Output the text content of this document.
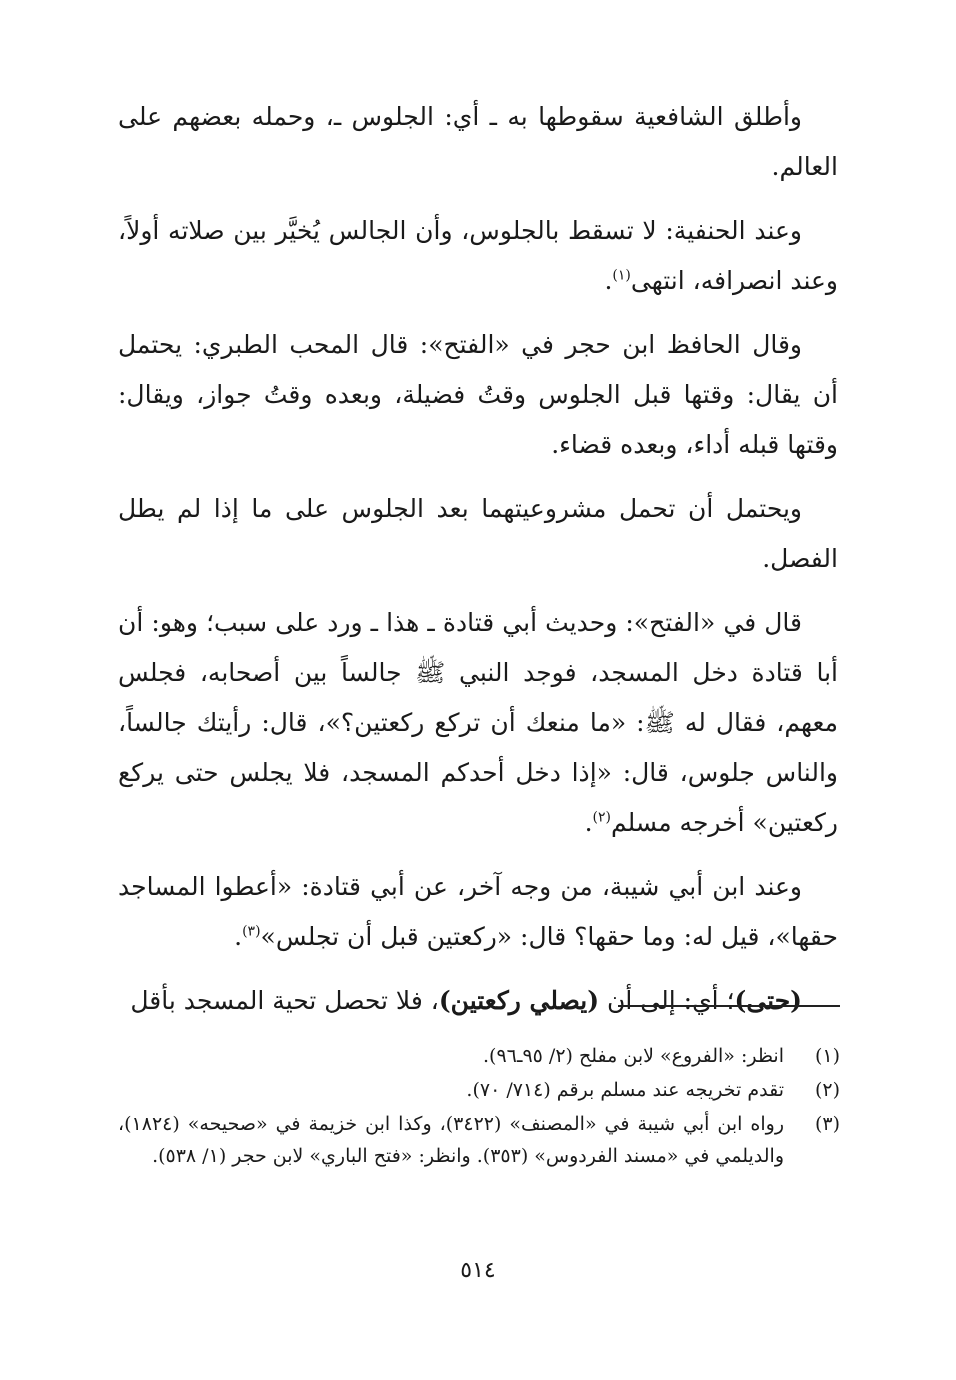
وأطلق الشافعية سقوطها به ـ أي: الجلوس ـ، وحمله بعضهم على العالم.

وعند الحنفية: لا تسقط بالجلوس، وأن الجالس يُخيَّر بين صلاته أولاً، وعند انصرافه، انتهى$^{(١)}$.

وقال الحافظ ابن حجر في «الفتح»: قال المحب الطبري: يحتمل أن يقال: وقتها قبل الجلوس وقتُ فضيلة، وبعده وقتُ جواز، ويقال: وقتها قبله أداء، وبعده قضاء.

ويحتمل أن تحمل مشروعيتهما بعد الجلوس على ما إذا لم يطل الفصل.

قال في «الفتح»: وحديث أبي قتادة ـ هذا ـ ورد على سبب؛ وهو: أن أبا قتادة دخل المسجد، فوجد النبي ﷺ جالساً بين أصحابه، فجلس معهم، فقال له ﷺ: «ما منعك أن تركع ركعتين؟»، قال: رأيتك جالساً، والناس جلوس، قال: «إذا دخل أحدكم المسجد، فلا يجلس حتى يركع ركعتين» أخرجه مسلم$^{(٢)}$.

وعند ابن أبي شيبة، من وجه آخر، عن أبي قتادة: «أعطوا المساجد حقها»، قيل له: وما حقها؟ قال: «ركعتين قبل أن تجلس»$^{(٣)}$.

(حتى)؛ أي: إلى أن (يصلي ركعتين)، فلا تحصل تحية المسجد بأقل

(١)
انظر: «الفروع» لابن مفلح (٢/ ٩٥ـ٩٦).
(٢)
تقدم تخريجه عند مسلم برقم (٧١٤/ ٧٠).
(٣)
رواه ابن أبي شيبة في «المصنف» (٣٤٢٢)، وكذا ابن خزيمة في «صحيحه» (١٨٢٤)، والديلمي في «مسند الفردوس» (٣٥٣). وانظر: «فتح الباري» لابن حجر (١/ ٥٣٨).
٥١٤
